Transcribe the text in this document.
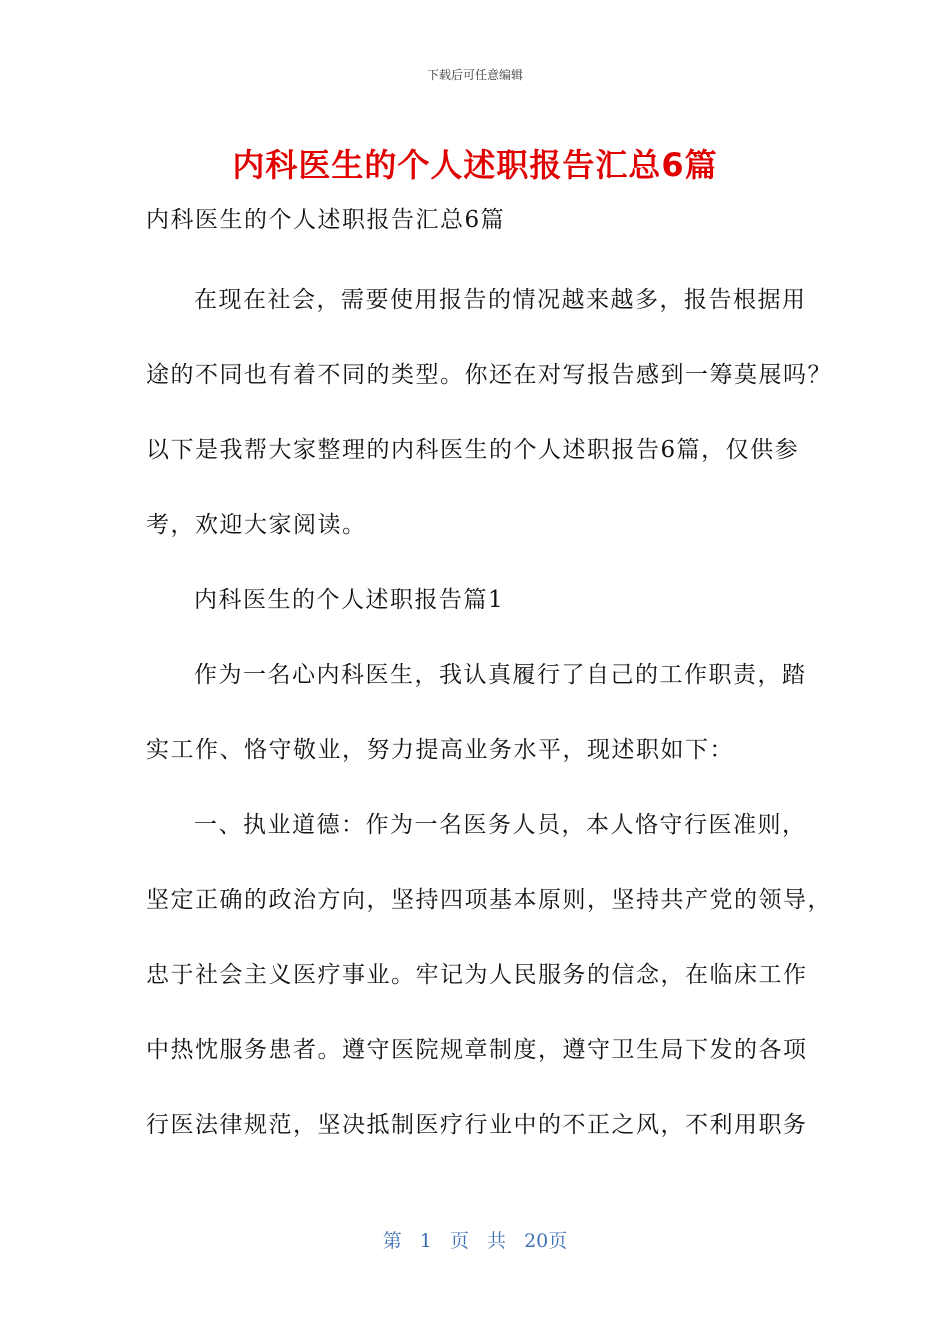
下载后可任意编辑
内科医生的个人述职报告汇总6篇
内科医生的个人述职报告汇总6篇
在现在社会，需要使用报告的情况越来越多，报告根据用
途的不同也有着不同的类型。你还在对写报告感到一筹莫展吗？
以下是我帮大家整理的内科医生的个人述职报告6篇，仅供参
考，欢迎大家阅读。
内科医生的个人述职报告篇1
作为一名心内科医生，我认真履行了自己的工作职责，踏
实工作、恪守敬业，努力提高业务水平，现述职如下：
一、执业道德：作为一名医务人员，本人恪守行医准则，
坚定正确的政治方向，坚持四项基本原则，坚持共产党的领导，
忠于社会主义医疗事业。牢记为人民服务的信念，在临床工作
中热忱服务患者。遵守医院规章制度，遵守卫生局下发的各项
行医法律规范，坚决抵制医疗行业中的不正之风，不利用职务
第 1 页 共 20页
